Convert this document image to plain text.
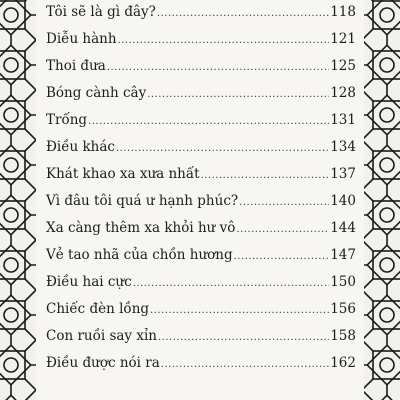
Tôi sẽ là gì đây? .....	118
Diễu hành .....	121
Thoi đưa .....	125
Bóng cành cây .....	128
Trống .....	131
Điều khác .....	134
Khát khao xa xưa nhất .....	137
Vì đâu tôi quá ư hạnh phúc? .....	140
Xa càng thêm xa khỏi hư vô .....	144
Vẻ tao nhã của chồn hương .....	147
Điều hai cực .....	150
Chiếc đèn lồng .....	156
Con ruồi say xỉn .....	158
Điều được nói ra .....	162
